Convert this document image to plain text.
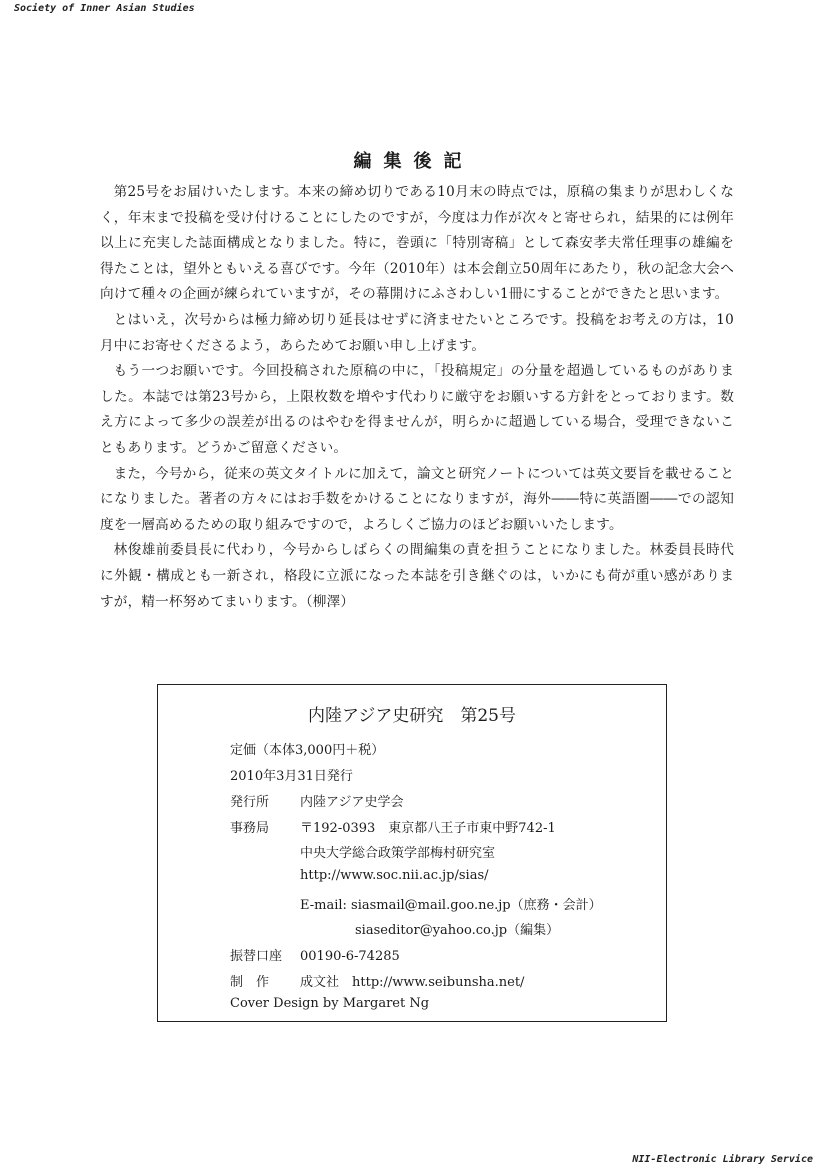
Society of Inner Asian Studies
編集後記

第25号をお届けいたします。本来の締め切りである10月末の時点では，原稿の集まりが思わしくなく，年末まで投稿を受け付けることにしたのですが，今度は力作が次々と寄せられ，結果的には例年以上に充実した誌面構成となりました。特に，巻頭に「特別寄稿」として森安孝夫常任理事の雄編を得たことは，望外ともいえる喜びです。今年（2010年）は本会創立50周年にあたり，秋の記念大会へ向けて種々の企画が練られていますが，その幕開けにふさわしい1冊にすることができたと思います。

とはいえ，次号からは極力締め切り延長はせずに済ませたいところです。投稿をお考えの方は，10月中にお寄せくださるよう，あらためてお願い申し上げます。

もう一つお願いです。今回投稿された原稿の中に，「投稿規定」の分量を超過しているものがありました。本誌では第23号から，上限枚数を増やす代わりに厳守をお願いする方針をとっております。数え方によって多少の誤差が出るのはやむを得ませんが，明らかに超過している場合，受理できないこともあります。どうかご留意ください。

また，今号から，従来の英文タイトルに加えて，論文と研究ノートについては英文要旨を載せることになりました。著者の方々にはお手数をかけることになりますが，海外――特に英語圏――での認知度を一層高めるための取り組みですので，よろしくご協力のほどお願いいたします。

林俊雄前委員長に代わり，今号からしばらくの間編集の責を担うことになりました。林委員長時代に外観・構成とも一新され，格段に立派になった本誌を引き継ぐのは，いかにも荷が重い感がありますが，精一杯努めてまいります。（柳澤）

内陸アジア史研究　第25号
定価（本体3,000円＋税）
2010年3月31日発行
発行所 内陸アジア史学会
事務局 〒192-0393　東京都八王子市東中野742-1
中央大学総合政策学部梅村研究室
http://www.soc.nii.ac.jp/sias/
E-mail: siasmail@mail.goo.ne.jp（庶務・会計）
siaseditor@yahoo.co.jp（編集）
振替口座 00190-6-74285
制　作 成文社　http://www.seibunsha.net/
Cover Design by Margaret Ng
NII-Electronic Library Service
